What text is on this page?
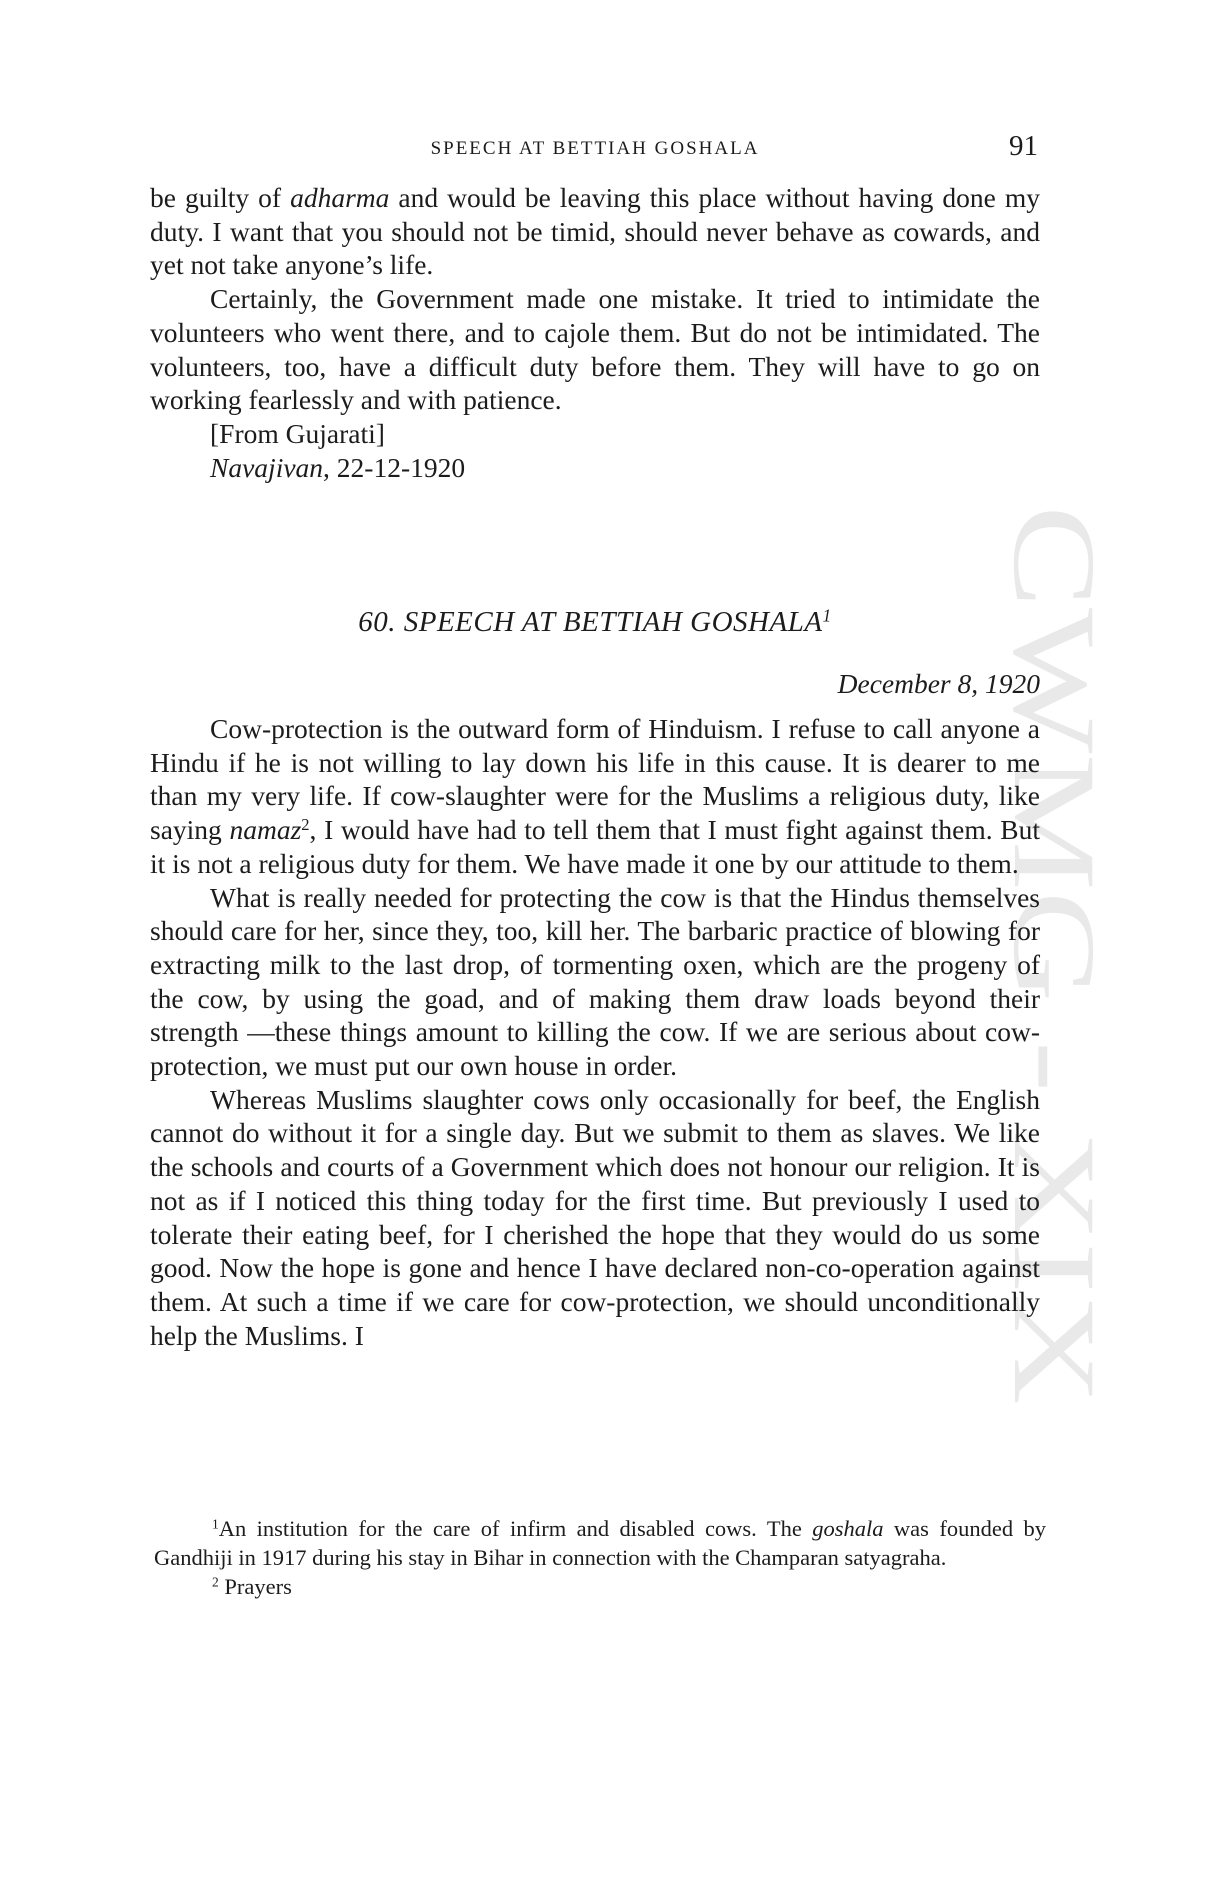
CWMG - XIX
SPEECH AT BETTIAH GOSHALA	91

be guilty of adharma and would be leaving this place without having done my duty. I want that you should not be timid, should never behave as cowards, and yet not take anyone’s life.

Certainly, the Government made one mistake. It tried to intimidate the volunteers who went there, and to cajole them. But do not be intimidated. The volunteers, too, have a difficult duty before them. They will have to go on working fearlessly and with patience.

[From Gujarati]

Navajivan, 22-12-1920

60. SPEECH AT BETTIAH GOSHALA$^1$
December 8, 1920

Cow-protection is the outward form of Hinduism. I refuse to call anyone a Hindu if he is not willing to lay down his life in this cause. It is dearer to me than my very life. If cow-slaughter were for the Muslims a religious duty, like saying namaz$^2$, I would have had to tell them that I must fight against them. But it is not a religious duty for them. We have made it one by our attitude to them.

What is really needed for protecting the cow is that the Hindus themselves should care for her, since they, too, kill her. The barbaric practice of blowing for extracting milk to the last drop, of tormenting oxen, which are the progeny of the cow, by using the goad, and of making them draw loads beyond their strength —these things amount to killing the cow. If we are serious about cow-protection, we must put our own house in order.

Whereas Muslims slaughter cows only occasionally for beef, the English cannot do without it for a single day. But we submit to them as slaves. We like the schools and courts of a Government which does not honour our religion. It is not as if I noticed this thing today for the first time. But previously I used to tolerate their eating beef, for I cherished the hope that they would do us some good. Now the hope is gone and hence I have declared non-co-operation against them. At such a time if we care for cow-protection, we should unconditionally help the Muslims. I

$^1$An institution for the care of infirm and disabled cows. The goshala was founded by Gandhiji in 1917 during his stay in Bihar in connection with the Champaran satyagraha.

$^2$ Prayers
